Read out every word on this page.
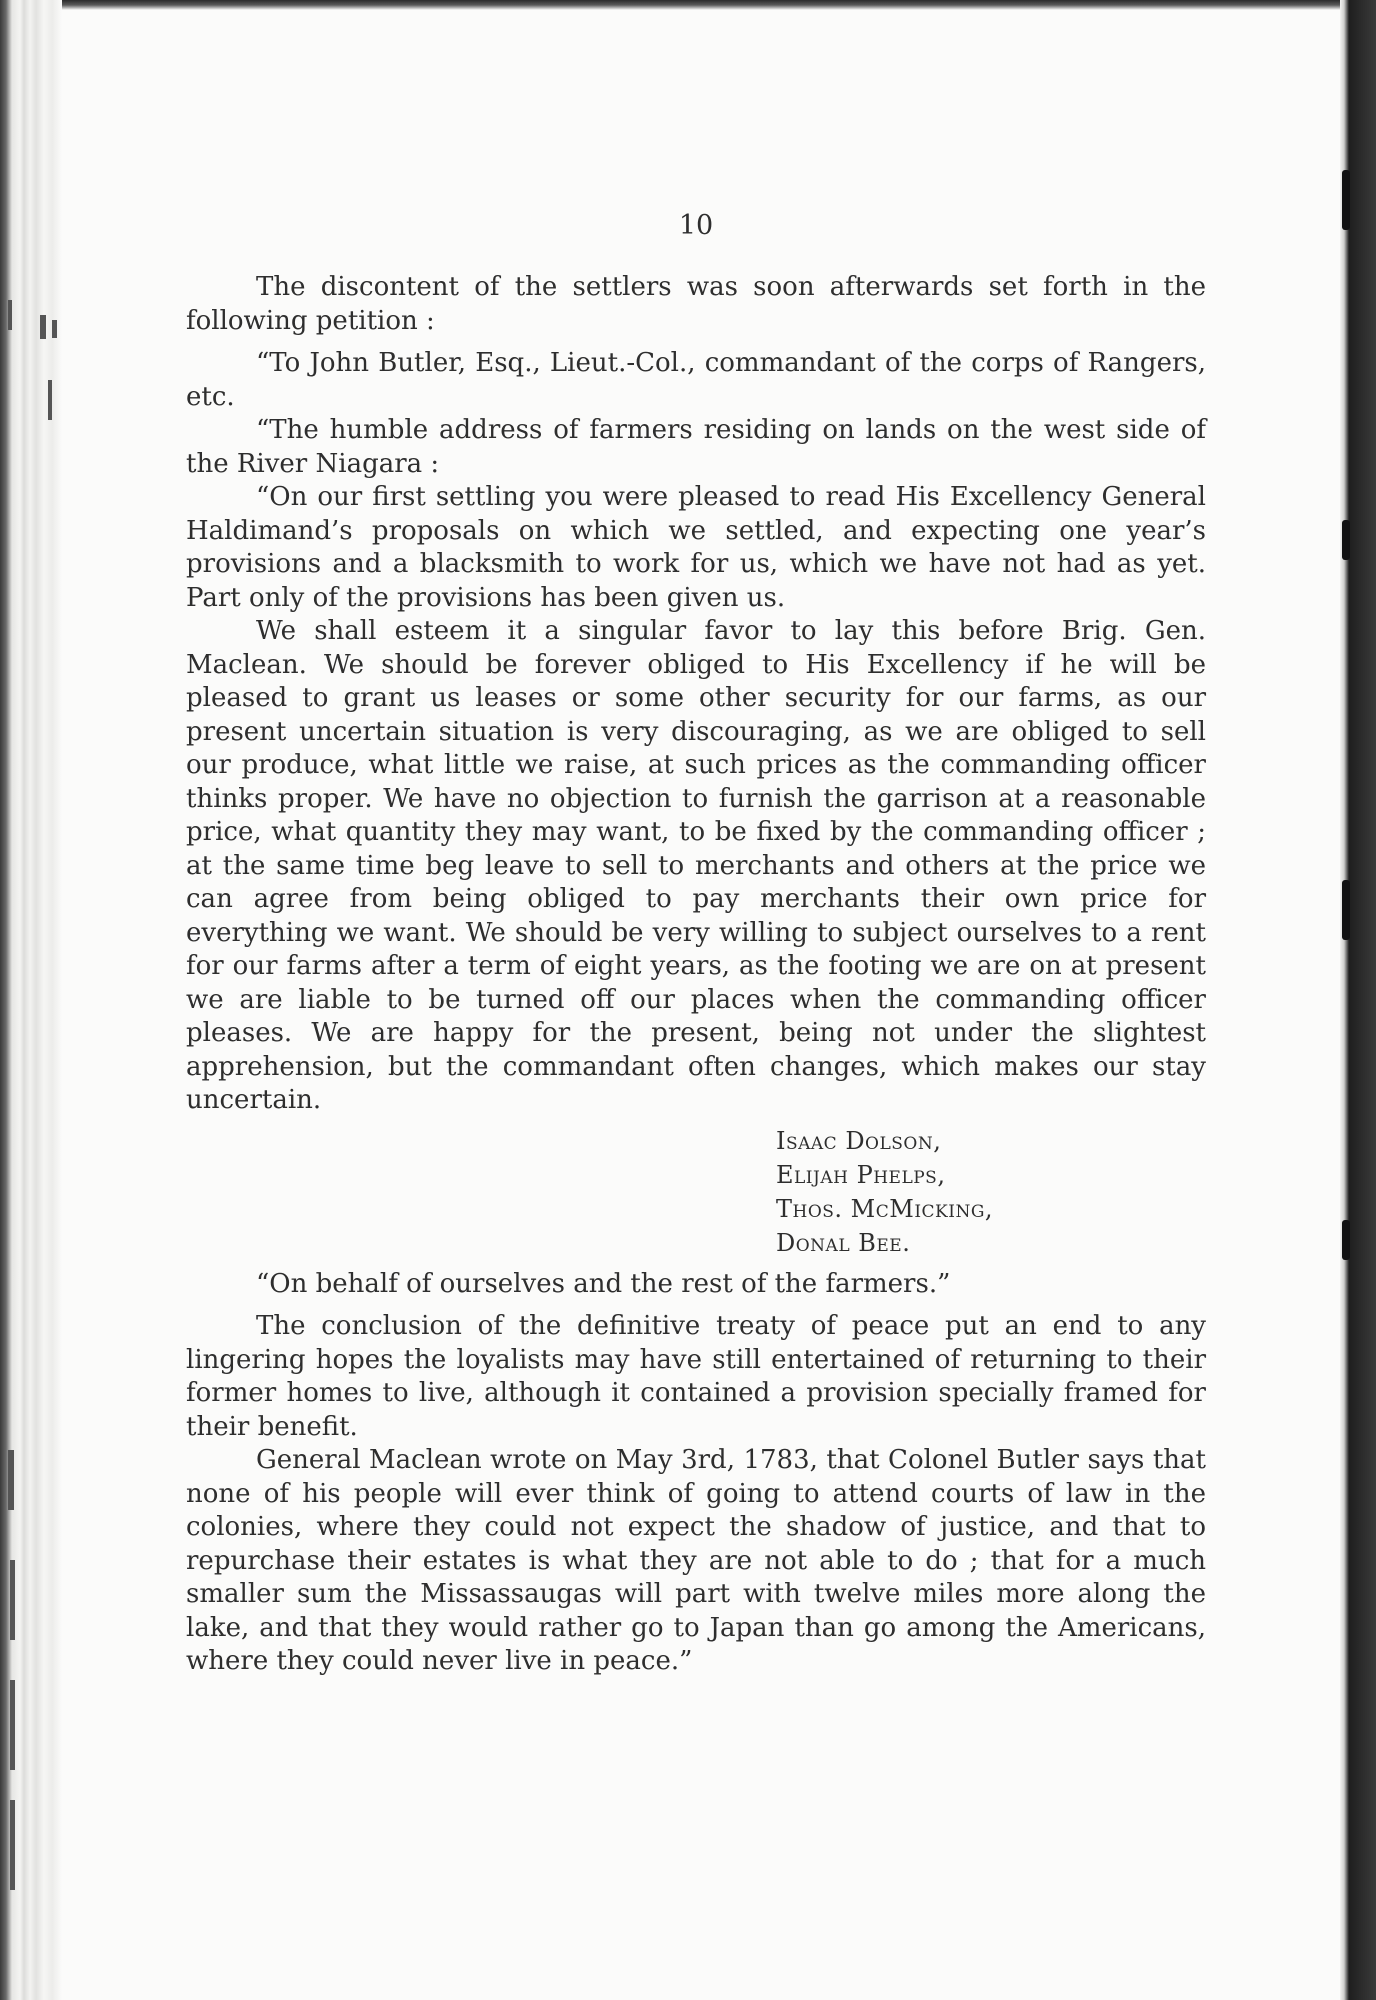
10

The discontent of the settlers was soon afterwards set forth in the following petition :

“To John Butler, Esq., Lieut.-Col., commandant of the corps of Rangers, etc.

“The humble address of farmers residing on lands on the west side of the River Niagara :

“On our first settling you were pleased to read His Excellency General Haldimand’s proposals on which we settled, and expecting one year’s provisions and a blacksmith to work for us, which we have not had as yet. Part only of the provisions has been given us.

We shall esteem it a singular favor to lay this before Brig. Gen. Maclean. We should be forever obliged to His Excellency if he will be pleased to grant us leases or some other security for our farms, as our present uncertain situation is very discouraging, as we are obliged to sell our produce, what little we raise, at such prices as the commanding officer thinks proper. We have no objection to furnish the garrison at a reasonable price, what quantity they may want, to be fixed by the commanding officer ; at the same time beg leave to sell to merchants and others at the price we can agree from being obliged to pay merchants their own price for everything we want. We should be very willing to subject ourselves to a rent for our farms after a term of eight years, as the footing we are on at present we are liable to be turned off our places when the commanding officer pleases. We are happy for the present, being not under the slightest apprehension, but the commandant often changes, which makes our stay uncertain.

Isaac Dolson,
Elijah Phelps,
Thos. McMicking,
Donal Bee.

“On behalf of ourselves and the rest of the farmers.”

The conclusion of the definitive treaty of peace put an end to any lingering hopes the loyalists may have still entertained of returning to their former homes to live, although it contained a provision specially framed for their benefit.

General Maclean wrote on May 3rd, 1783, that Colonel Butler says that none of his people will ever think of going to attend courts of law in the colonies, where they could not expect the shadow of justice, and that to repurchase their estates is what they are not able to do ; that for a much smaller sum the Missassaugas will part with twelve miles more along the lake, and that they would rather go to Japan than go among the Americans, where they could never live in peace.”
